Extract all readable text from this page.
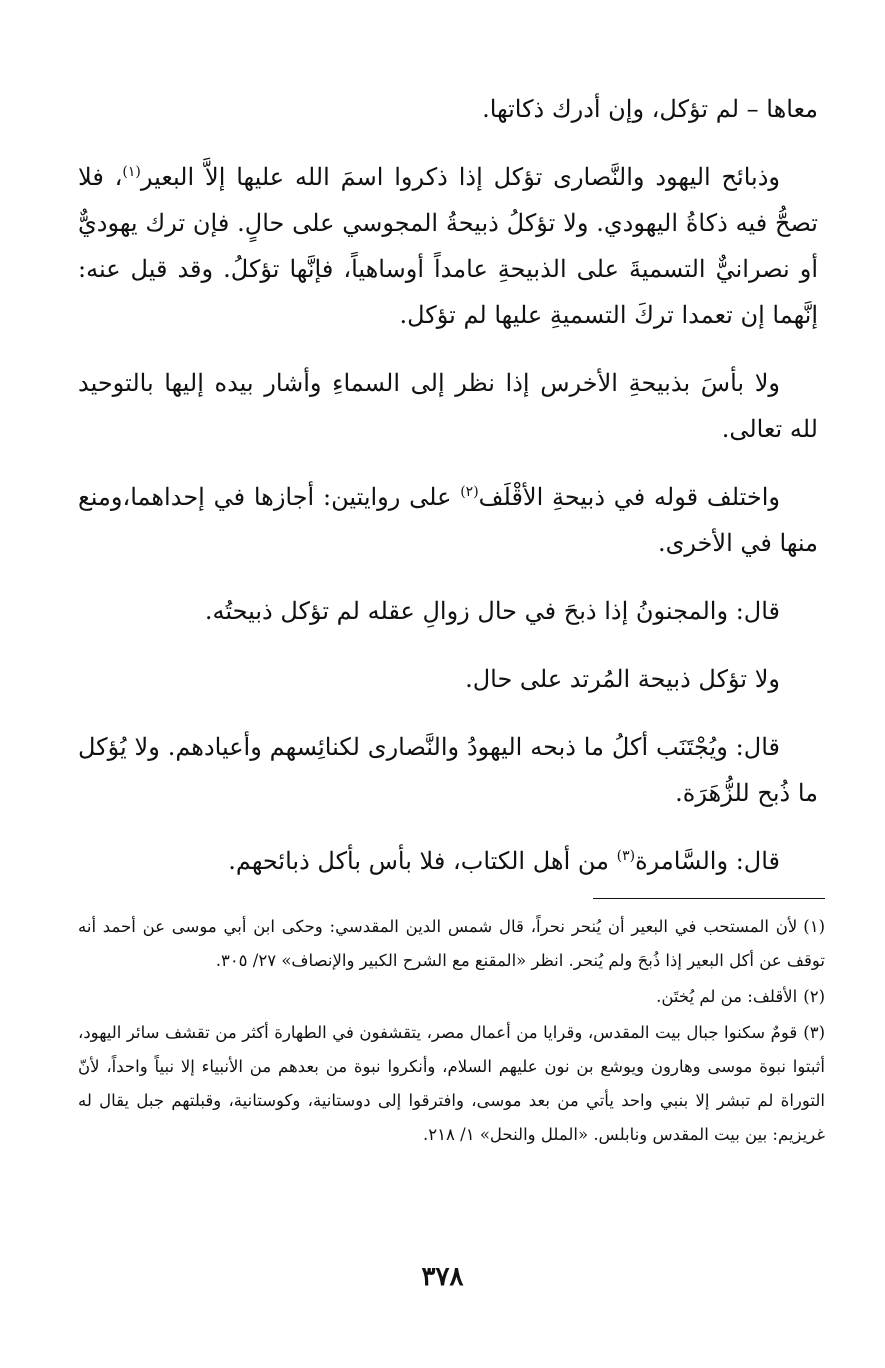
معاها – لم تؤكل، وإن أدرك ذكاتها.

وذبائح اليهود والنَّصارى تؤكل إذا ذكروا اسمَ الله عليها إلاَّ البعير$^{(١)}$، فلا تصحُّ فيه ذكاةُ اليهودي. ولا تؤكلُ ذبيحةُ المجوسي على حالٍ. فإن ترك يهوديٌّ أو نصرانيٌّ التسميةَ على الذبيحةِ عامداً أوساهياً، فإنَّها تؤكلُ. وقد قيل عنه: إنَّهما إن تعمدا تركَ التسميةِ عليها لم تؤكل.

ولا بأسَ بذبيحةِ الأخرس إذا نظر إلى السماءِ وأشار بيده إليها بالتوحيد لله تعالى.

واختلف قوله في ذبيحةِ الأقْلَف$^{(٢)}$ على روايتين: أجازها في إحداهما،ومنع منها في الأخرى.

قال: والمجنونُ إذا ذبحَ في حال زوالِ عقله لم تؤكل ذبيحتُه.

ولا تؤكل ذبيحة المُرتد على حال.

قال: ويُجْتَنَب أكلُ ما ذبحه اليهودُ والنَّصارى لكنائِسهم وأعيادهم. ولا يُؤكل ما ذُبح للزُّهَرَة.

قال: والسَّامرة$^{(٣)}$ من أهل الكتاب، فلا بأس بأكل ذبائحهم.

(١)لأن المستحب في البعير أن يُنحر نحراً، قال شمس الدين المقدسي: وحكى ابن أبي موسى عن أحمد أنه توقف عن أكل البعير إذا ذُبحَ ولم يُنحر. انظر «المقنع مع الشرح الكبير والإنصاف» ٢٧/ ٣٠٥.

(٢)الأقلف: من لم يُختَن.

(٣)قومٌ سكنوا جبال بيت المقدس، وقرايا من أعمال مصر، يتقشفون في الطهارة أكثر من تقشف سائر اليهود، أثبتوا نبوة موسى وهارون ويوشع بن نون عليهم السلام، وأنكروا نبوة من بعدهم من الأنبياء إلا نبياً واحداً، لأنّ التوراة لم تبشر إلا بنبي واحد يأتي من بعد موسى، وافترقوا إلى دوستانية، وكوستانية، وقبلتهم جبل يقال له غريزيم: بين بيت المقدس ونابلس. «الملل والنحل» ١/ ٢١٨.

٣٧٨
